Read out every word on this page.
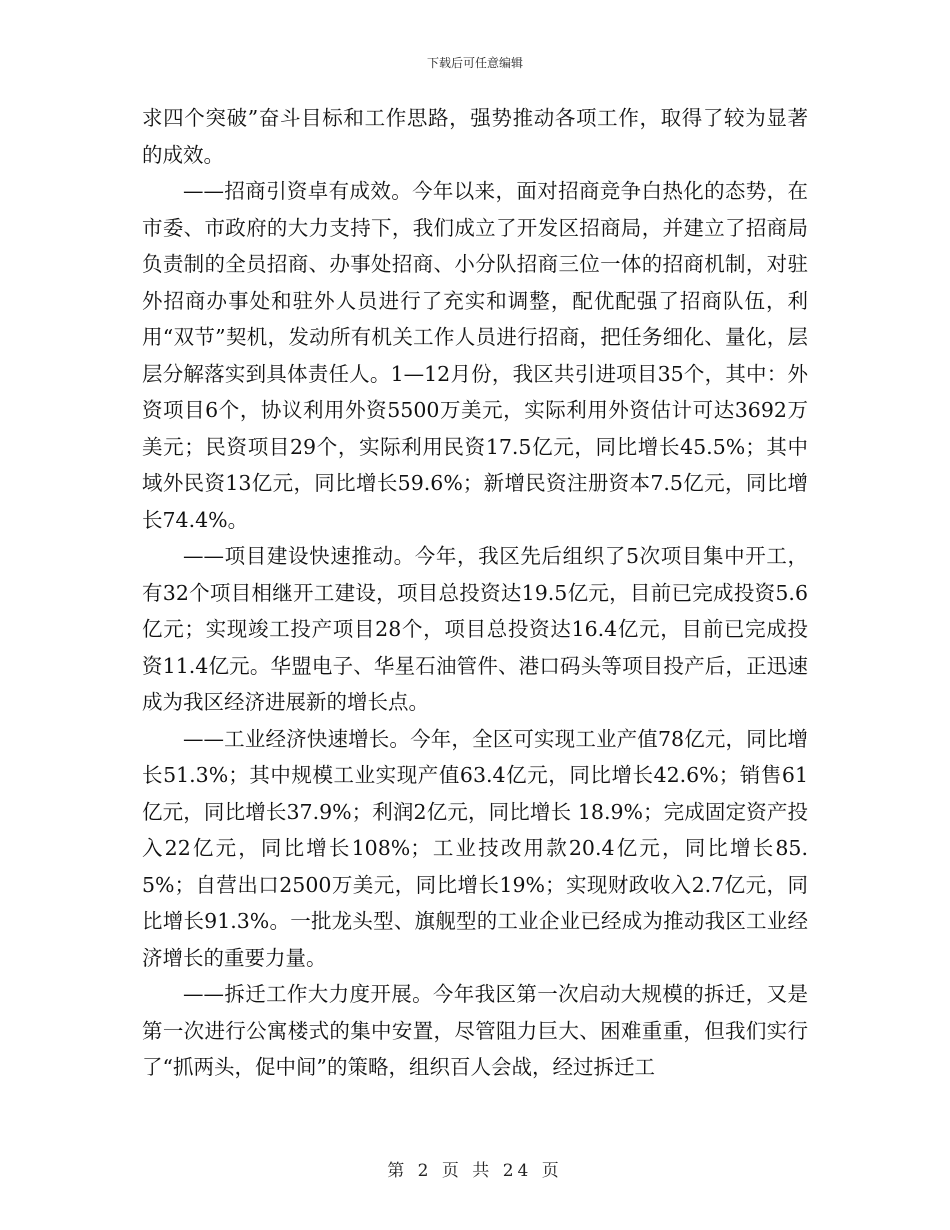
下载后可任意编辑

求四个突破”奋斗目标和工作思路，强势推动各项工作，取得了较为显著的成效。

——招商引资卓有成效。今年以来，面对招商竞争白热化的态势，在市委、市政府的大力支持下，我们成立了开发区招商局，并建立了招商局负责制的全员招商、办事处招商、小分队招商三位一体的招商机制，对驻外招商办事处和驻外人员进行了充实和调整，配优配强了招商队伍，利用“双节”契机，发动所有机关工作人员进行招商，把任务细化、量化，层层分解落实到具体责任人。1—12月份，我区共引进项目35个，其中：外资项目6个，协议利用外资5500万美元，实际利用外资估计可达3692万美元；民资项目29个，实际利用民资17.5亿元，同比增长45.5%；其中域外民资13亿元，同比增长59.6%；新增民资注册资本7.5亿元，同比增长74.4%。

——项目建设快速推动。今年，我区先后组织了5次项目集中开工，有32个项目相继开工建设，项目总投资达19.5亿元，目前已完成投资5.6亿元；实现竣工投产项目28个，项目总投资达16.4亿元，目前已完成投资11.4亿元。华盟电子、华星石油管件、港口码头等项目投产后，正迅速成为我区经济进展新的增长点。

——工业经济快速增长。今年，全区可实现工业产值78亿元，同比增长51.3%；其中规模工业实现产值63.4亿元，同比增长42.6%；销售61亿元，同比增长37.9%；利润2亿元，同比增长 18.9%；完成固定资产投入22亿元，同比增长108%；工业技改用款20.4亿元，同比增长85.5%；自营出口2500万美元，同比增长19%；实现财政收入2.7亿元，同比增长91.3%。一批龙头型、旗舰型的工业企业已经成为推动我区工业经济增长的重要力量。

——拆迁工作大力度开展。今年我区第一次启动大规模的拆迁，又是第一次进行公寓楼式的集中安置，尽管阻力巨大、困难重重，但我们实行了“抓两头，促中间”的策略，组织百人会战，经过拆迁工

第 2 页 共 24 页
